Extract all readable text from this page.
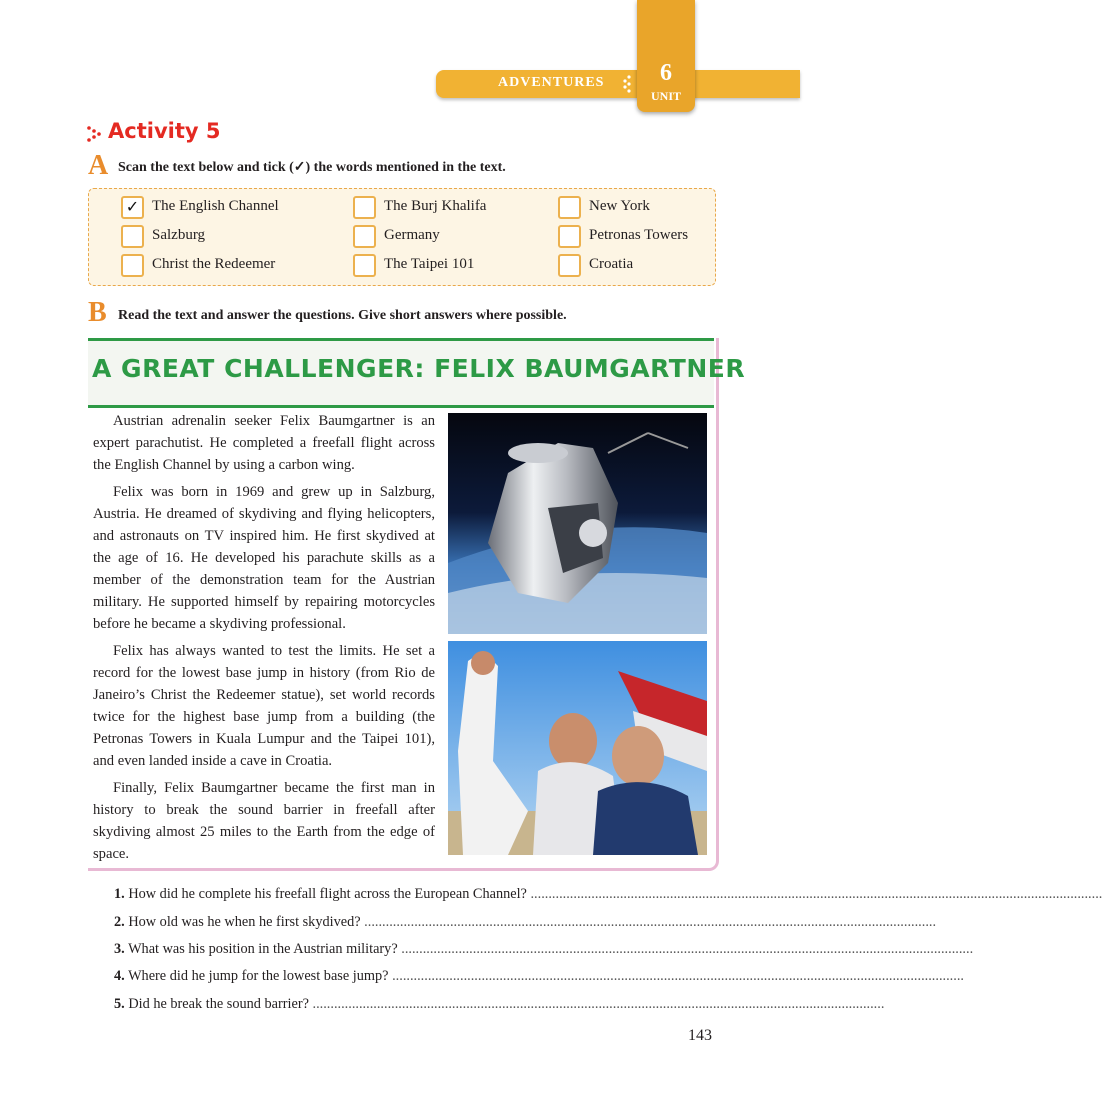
ADVENTURES	6
UNIT
Activity 5
A Scan the text below and tick (✓) the words mentioned in the text.
✓ The English Channel	The Burj Khalifa	New York
Salzburg	Germany	Petronas Towers
Christ the Redeemer	The Taipei 101	Croatia
B Read the text and answer the questions. Give short answers where possible.
A GREAT CHALLENGER: FELIX BAUMGARTNER

Austrian adrenalin seeker Felix Baumgartner is an expert parachutist. He completed a freefall flight across the English Channel by using a carbon wing.

Felix was born in 1969 and grew up in Salzburg, Austria. He dreamed of skydiving and flying helicopters, and astronauts on TV inspired him. He first skydived at the age of 16. He developed his parachute skills as a member of the demonstration team for the Austrian military. He supported himself by repairing motorcycles before he became a skydiving professional.

Felix has always wanted to test the limits. He set a record for the lowest base jump in history (from Rio de Janeiro’s Christ the Redeemer statue), set world records twice for the highest base jump from a building (the Petronas Towers in Kuala Lumpur and the Taipei 101), and even landed inside a cave in Croatia.

Finally, Felix Baumgartner became the first man in history to break the sound barrier in freefall after skydiving almost 25 miles to the Earth from the edge of space.

1. How did he complete his freefall flight across the European Channel? ................................................................................................................................................................
2. How old was he when he first skydived? ................................................................................................................................................................
3. What was his position in the Austrian military? ................................................................................................................................................................
4. Where did he jump for the lowest base jump? ................................................................................................................................................................
5. Did he break the sound barrier? ................................................................................................................................................................
143
